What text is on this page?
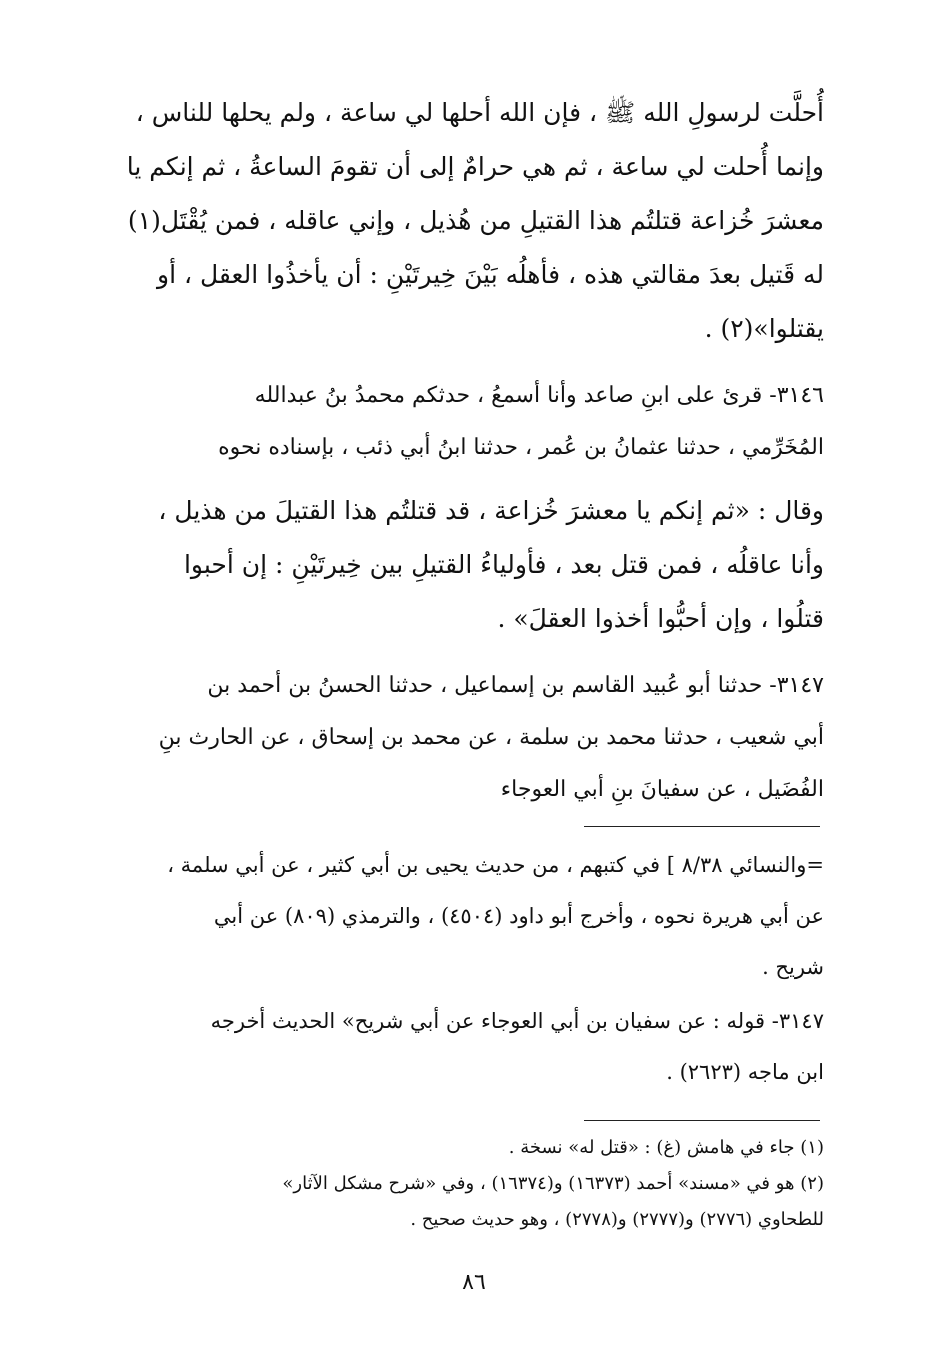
أُحلَّت لرسولِ الله ﷺ ، فإن الله أحلها لي ساعة ، ولم يحلها للناس ،
وإنما أُحلت لي ساعة ، ثم هي حرامٌ إلى أن تقومَ الساعةُ ، ثم إنكم يا
معشرَ خُزاعة قتلتُم هذا القتيلِ من هُذيل ، وإني عاقله ، فمن يُقْتَل(١)
له قَتيل بعدَ مقالتي هذه ، فأهلُه بَيْنَ خِيرتَيْنِ : أن يأخذُوا العقل ، أو
يقتلوا»(٢) .
٣١٤٦- قرئ على ابنِ صاعد وأنا أسمعُ ، حدثكم محمدُ بنُ عبدالله
المُخَرِّمي ، حدثنا عثمانُ بن عُمر ، حدثنا ابنُ أبي ذئب ، بإسناده نحوه
وقال : «ثم إنكم يا معشرَ خُزاعة ، قد قتلتُم هذا القتيلَ من هذيل ،
وأنا عاقلُه ، فمن قتل بعد ، فأولياءُ القتيلِ بين خِيرتَيْنِ : إن أحبوا
قتلُوا ، وإن أحبُّوا أخذوا العقلَ» .
٣١٤٧- حدثنا أبو عُبيد القاسم بن إسماعيل ، حدثنا الحسنُ بن أحمد بن
أبي شعيب ، حدثنا محمد بن سلمة ، عن محمد بن إسحاق ، عن الحارث بنِ
الفُضَيل ، عن سفيانَ بنِ أبي العوجاء
=والنسائي ٨/٣٨ ] في كتبهم ، من حديث يحيى بن أبي كثير ، عن أبي سلمة ،
عن أبي هريرة نحوه ، وأخرج أبو داود (٤٥٠٤) ، والترمذي (٨٠٩) عن أبي
شريح .
٣١٤٧- قوله : عن سفيان بن أبي العوجاء عن أبي شريح» الحديث أخرجه
ابن ماجه (٢٦٢٣) .
(١) جاء في هامش (غ) : «قتل له» نسخة .
(٢) هو في «مسند» أحمد (١٦٣٧٣) و(١٦٣٧٤) ، وفي «شرح مشكل الآثار»
للطحاوي (٢٧٧٦) و(٢٧٧٧) و(٢٧٧٨) ، وهو حديث صحيح .
٨٦
